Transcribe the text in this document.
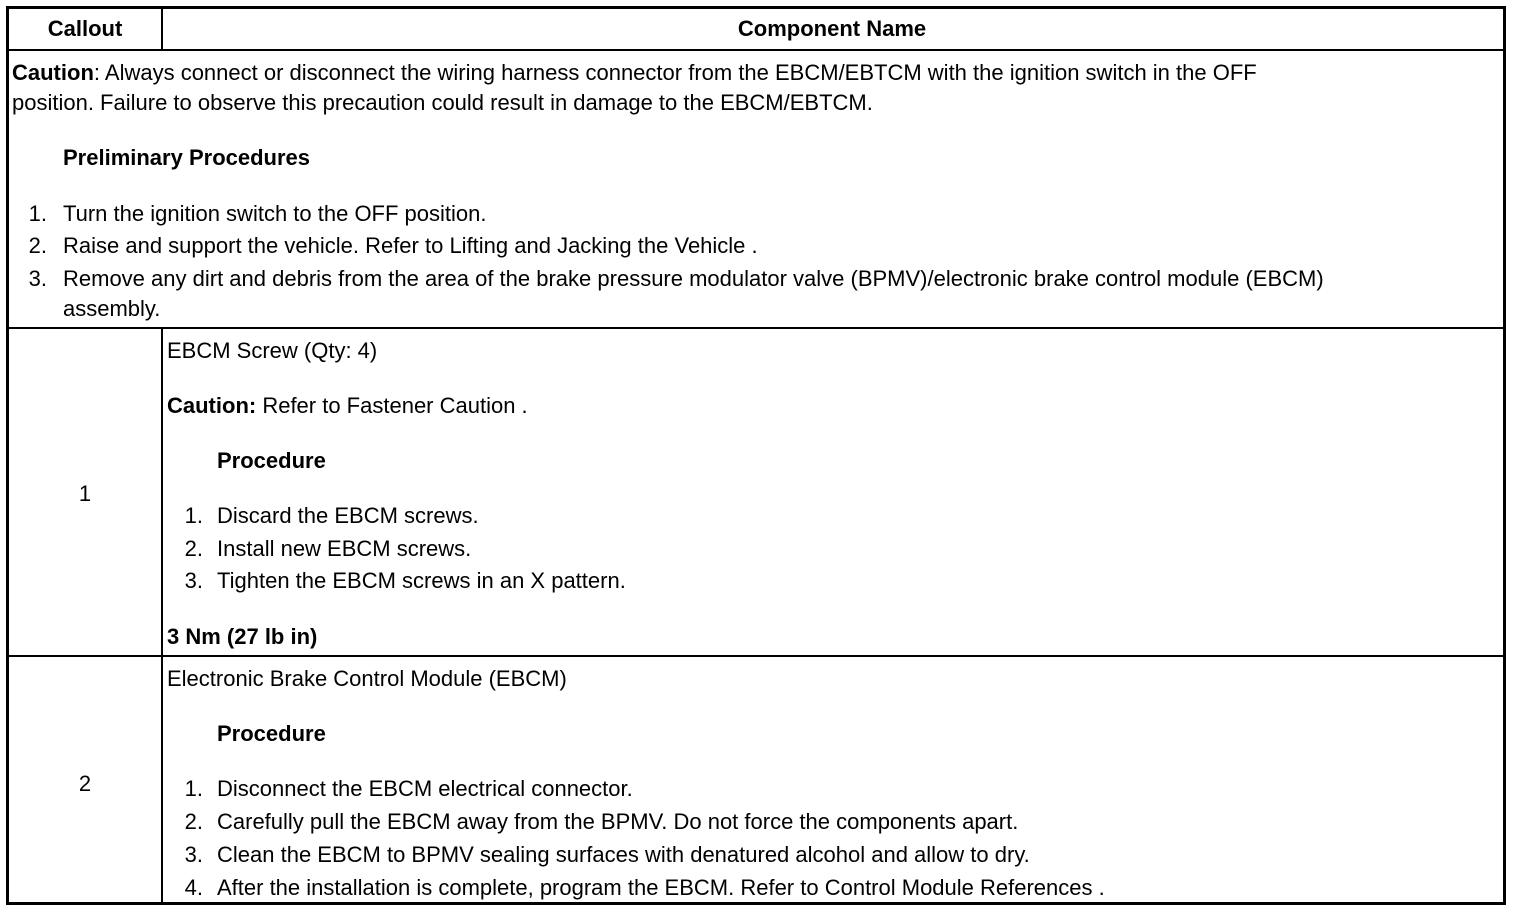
Callout	Component Name
Caution: Always connect or disconnect the wiring harness connector from the EBCM/EBTCM with the ignition switch in the OFF
position. Failure to observe this precaution could result in damage to the EBCM/EBTCM.
Preliminary Procedures
1. Turn the ignition switch to the OFF position.
2. Raise and support the vehicle. Refer to Lifting and Jacking the Vehicle .
3. Remove any dirt and debris from the area of the brake pressure modulator valve (BPMV)/electronic brake control module (EBCM)
assembly.
1
EBCM Screw (Qty: 4)
Caution: Refer to Fastener Caution .
Procedure
1. Discard the EBCM screws.
2. Install new EBCM screws.
3. Tighten the EBCM screws in an X pattern.
3 Nm (27 lb in)
2
Electronic Brake Control Module (EBCM)
Procedure
1. Disconnect the EBCM electrical connector.
2. Carefully pull the EBCM away from the BPMV. Do not force the components apart.
3. Clean the EBCM to BPMV sealing surfaces with denatured alcohol and allow to dry.
4. After the installation is complete, program the EBCM. Refer to Control Module References .
